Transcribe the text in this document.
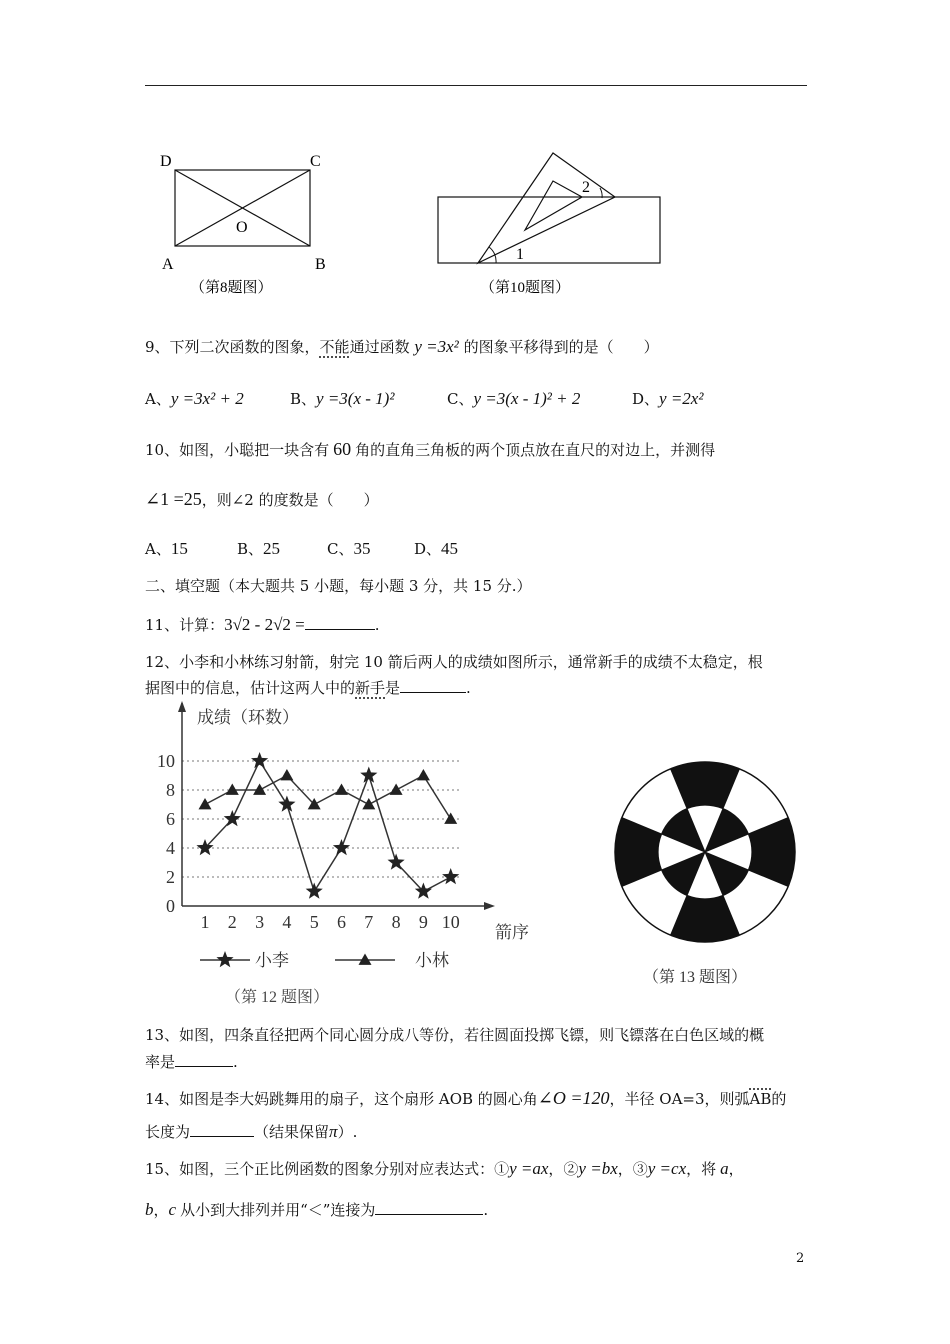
D	C
O
A	B
（第8题图）
1
2
（第10题图）
9、下列二次函数的图象，不能通过函数 y =3x² 的图象平移得到的是（　　）
A、y =3x² + 2	B、y =3(x - 1)²	C、y =3(x - 1)² + 2	D、y =2x²
10、如图，小聪把一块含有 60 角的直角三角板的两个顶点放在直尺的对边上，并测得
∠1 =25，则∠2 的度数是（　　）
A、15	B、25	C、35	D、45
二、填空题（本大题共 5 小题，每小题 3 分，共 15 分.）
11、计算：3√2 - 2√2 =	.
12、小李和小林练习射箭，射完 10 箭后两人的成绩如图所示，通常新手的成绩不太稳定，根
据图中的信息，估计这两人中的新手是	.
成绩（环数）
箭序
0
2
4
6
8
10
1 2 3 4 5 6 7 8 9 10
小李	小林
（第 12 题图）
（第 13 题图）
13、如图，四条直径把两个同心圆分成八等份，若往圆面投掷飞镖，则飞镖落在白色区域的概
率是	.
14、如图是李大妈跳舞用的扇子，这个扇形 AOB 的圆心角∠O =120，半径 OA=3，则弧AB的
长度为	（结果保留π）.
15、如图，三个正比例函数的图象分别对应表达式：①y =ax，②y =bx，③y =cx，将 a，
b，c 从小到大排列并用“＜”连接为	.
2
